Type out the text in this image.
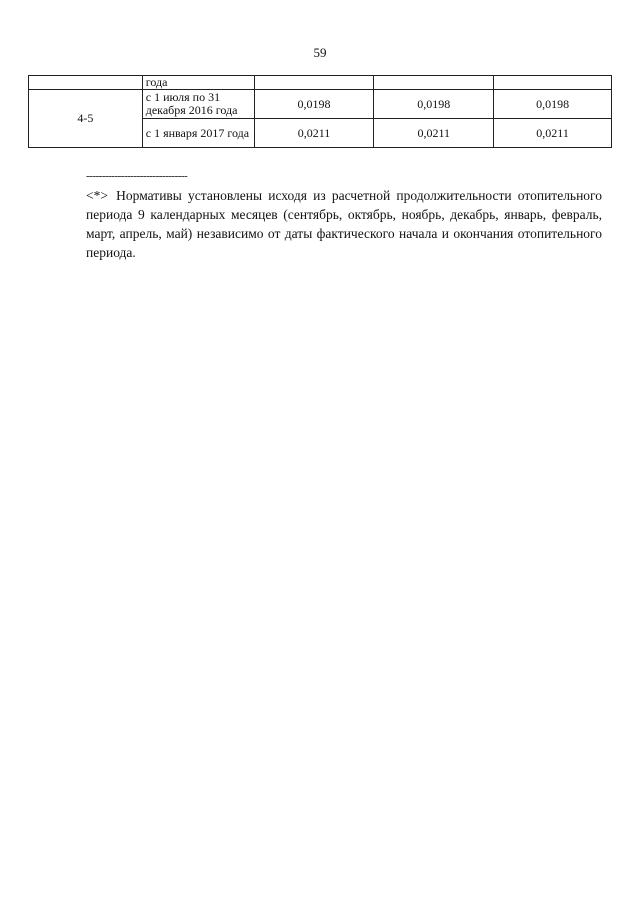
59
	года			
4-5	с 1 июля по 31 декабря 2016 года	0,0198	0,0198	0,0198
	с 1 января 2017 года	0,0211	0,0211	0,0211
--------------------------------
<*> Нормативы установлены исходя из расчетной продолжительности отопительного периода 9 календарных месяцев (сентябрь, октябрь, ноябрь, декабрь, январь, февраль, март, апрель, май) независимо от даты фактического начала и окончания отопительного периода.
